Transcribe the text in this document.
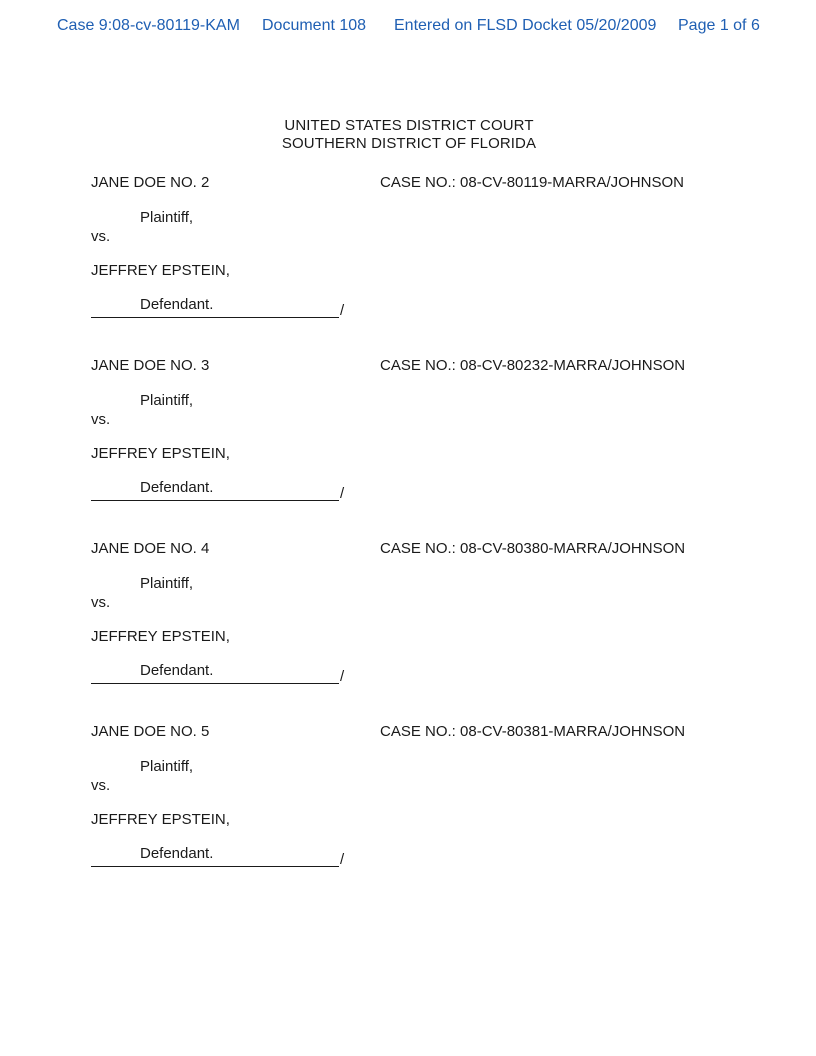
Case 9:08-cv-80119-KAM Document 108 Entered on FLSD Docket 05/20/2009 Page 1 of 6
UNITED STATES DISTRICT COURT
SOUTHERN DISTRICT OF FLORIDA
JANE DOE NO. 2	CASE NO.: 08-CV-80119-MARRA/JOHNSON
Plaintiff,
vs.
JEFFREY EPSTEIN,
Defendant.	/
JANE DOE NO. 3	CASE NO.: 08-CV-80232-MARRA/JOHNSON
Plaintiff,
vs.
JEFFREY EPSTEIN,
Defendant.	/
JANE DOE NO. 4	CASE NO.: 08-CV-80380-MARRA/JOHNSON
Plaintiff,
vs.
JEFFREY EPSTEIN,
Defendant.	/
JANE DOE NO. 5	CASE NO.: 08-CV-80381-MARRA/JOHNSON
Plaintiff,
vs.
JEFFREY EPSTEIN,
Defendant.	/
